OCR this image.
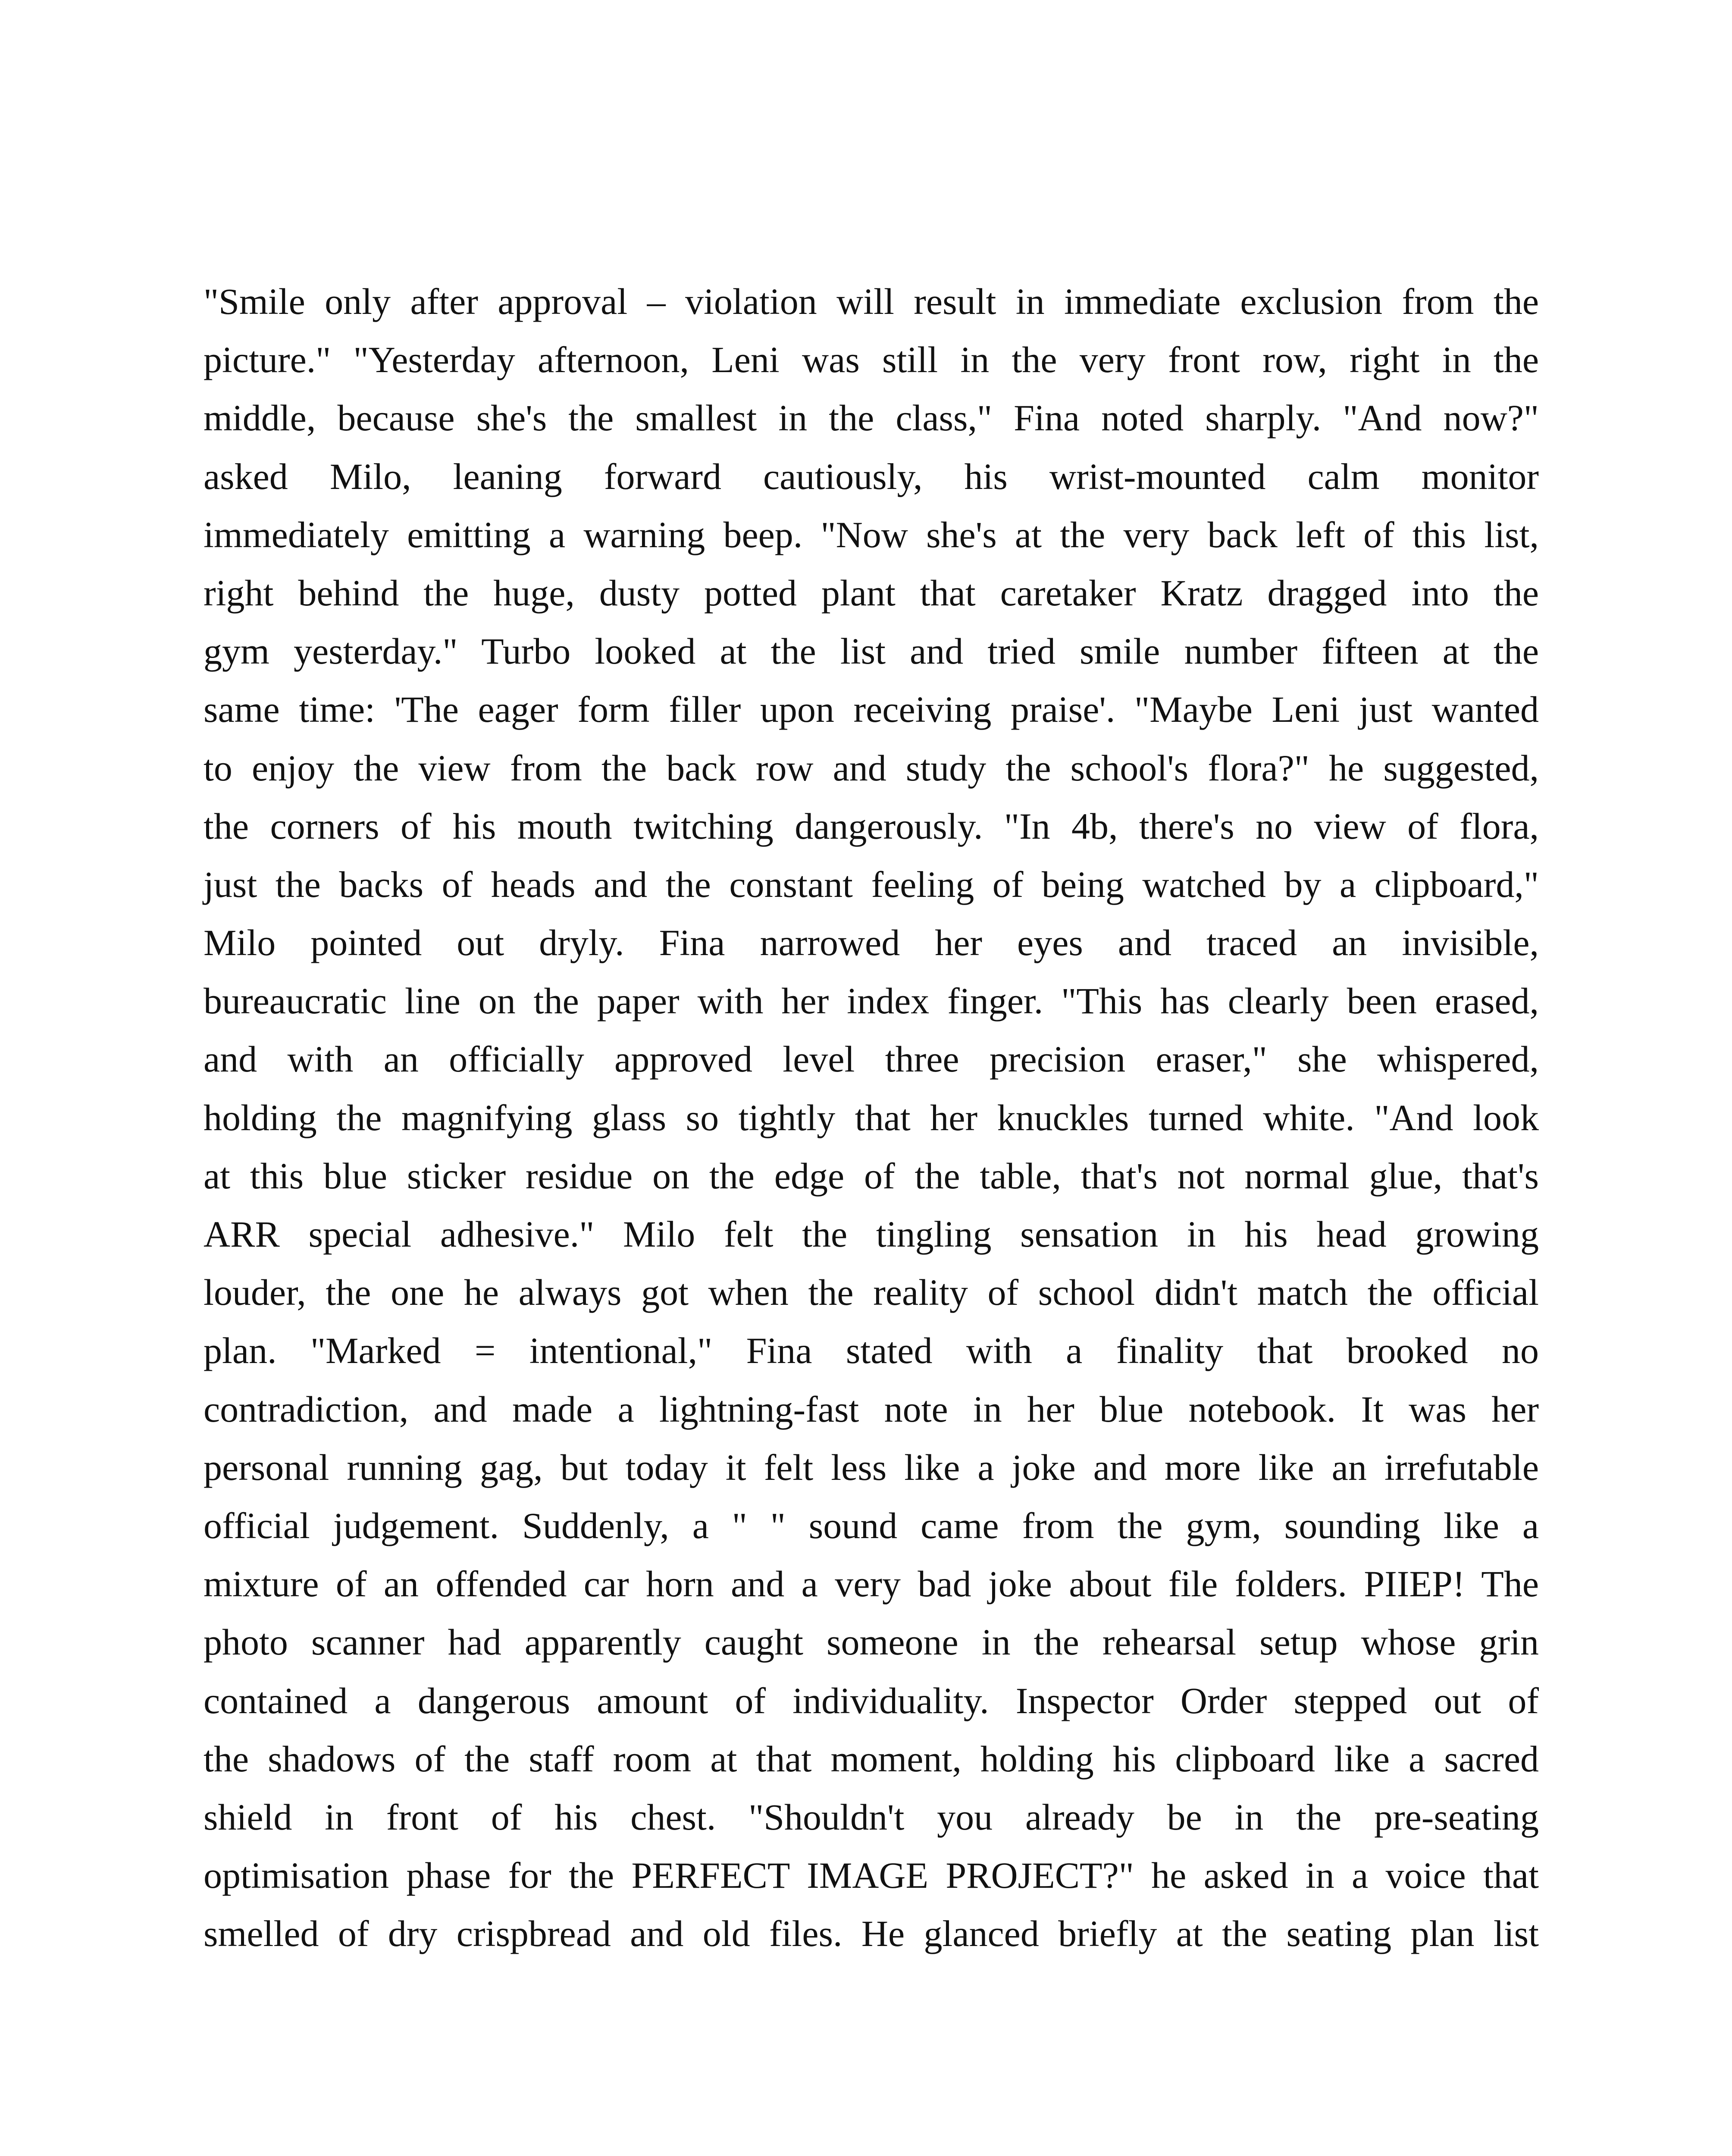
"Smile only after approval – violation will result in immediate exclusion from the
picture." "Yesterday afternoon, Leni was still in the very front row, right in the
middle, because she's the smallest in the class," Fina noted sharply. "And now?"
asked Milo, leaning forward cautiously, his wrist-mounted calm monitor
immediately emitting a warning beep. "Now she's at the very back left of this list,
right behind the huge, dusty potted plant that caretaker Kratz dragged into the
gym yesterday." Turbo looked at the list and tried smile number fifteen at the
same time: 'The eager form filler upon receiving praise'. "Maybe Leni just wanted
to enjoy the view from the back row and study the school's flora?" he suggested,
the corners of his mouth twitching dangerously. "In 4b, there's no view of flora,
just the backs of heads and the constant feeling of being watched by a clipboard,"
Milo pointed out dryly. Fina narrowed her eyes and traced an invisible,
bureaucratic line on the paper with her index finger. "This has clearly been erased,
and with an officially approved level three precision eraser," she whispered,
holding the magnifying glass so tightly that her knuckles turned white. "And look
at this blue sticker residue on the edge of the table, that's not normal glue, that's
ARR special adhesive." Milo felt the tingling sensation in his head growing
louder, the one he always got when the reality of school didn't match the official
plan. "Marked = intentional," Fina stated with a finality that brooked no
contradiction, and made a lightning-fast note in her blue notebook. It was her
personal running gag, but today it felt less like a joke and more like an irrefutable
official judgement. Suddenly, a " " sound came from the gym, sounding like a
mixture of an offended car horn and a very bad joke about file folders. PIIEP! The
photo scanner had apparently caught someone in the rehearsal setup whose grin
contained a dangerous amount of individuality. Inspector Order stepped out of
the shadows of the staff room at that moment, holding his clipboard like a sacred
shield in front of his chest. "Shouldn't you already be in the pre-seating
optimisation phase for the PERFECT IMAGE PROJECT?" he asked in a voice that
smelled of dry crispbread and old files. He glanced briefly at the seating plan list
